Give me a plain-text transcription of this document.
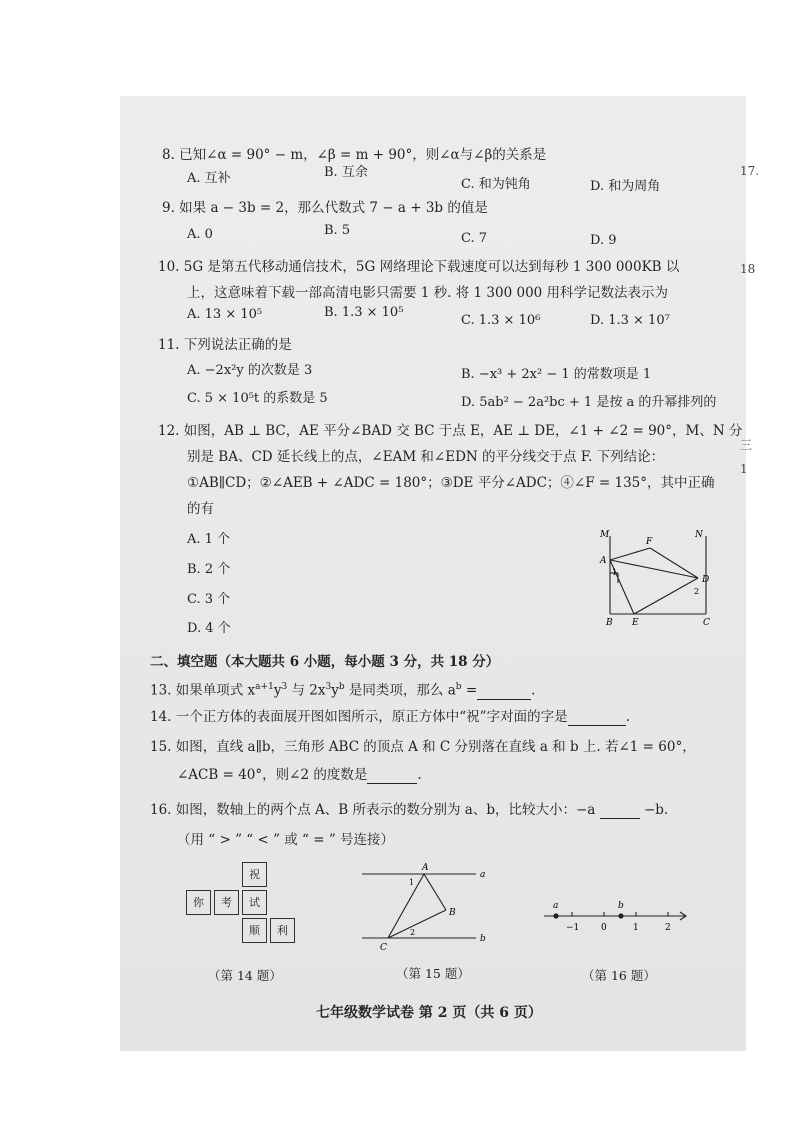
8. 已知∠α = 90° − m，∠β = m + 90°，则∠α与∠β的关系是
A. 互补	B. 互余
C. 和为钝角	D. 和为周角
9. 如果 a − 3b = 2，那么代数式 7 − a + 3b 的值是
A. 0	B. 5
C. 7	D. 9
10. 5G 是第五代移动通信技术，5G 网络理论下载速度可以达到每秒 1 300 000KB 以
上，这意味着下载一部高清电影只需要 1 秒. 将 1 300 000 用科学记数法表示为
A. 13 × 10⁵	B. 1.3 × 10⁵
C. 1.3 × 10⁶	D. 1.3 × 10⁷
11. 下列说法正确的是
A. −2x²y 的次数是 3	B. −x³ + 2x² − 1 的常数项是 1
C. 5 × 10⁵t 的系数是 5	D. 5ab² − 2a²bc + 1 是按 a 的升幂排列的
12. 如图，AB ⊥ BC，AE 平分∠BAD 交 BC 于点 E，AE ⊥ DE，∠1 + ∠2 = 90°，M、N 分
别是 BA、CD 延长线上的点，∠EAM 和∠EDN 的平分线交于点 F. 下列结论：
①AB∥CD；②∠AEB + ∠ADC = 180°；③DE 平分∠ADC；④∠F = 135°，其中正确
的有
A. 1 个
B. 2 个
C. 3 个
D. 4 个
M
F
N
A
1
D
2
B E	C
二、填空题（本大题共 6 小题，每小题 3 分，共 18 分）
13. 如果单项式 $x^{a+1}y^3$ 与 $2x^3y^b$ 是同类项，那么 $a^b$ =	.
14. 一个正方体的表面展开图如图所示，原正方体中“祝”字对面的字是	.
15. 如图，直线 a∥b，三角形 ABC 的顶点 A 和 C 分别落在直线 a 和 b 上. 若∠1 = 60°，
∠ACB = 40°，则∠2 的度数是	.
16. 如图，数轴上的两个点 A、B 所表示的数分别为 a、b，比较大小：−a	−b.
（用 “ > ” “ < ” 或 “ = ” 号连接）
祝
你	考	试
顺	利
A
a
1
B
C
2
b
a	b
−1 0	1	2
（第 14 题）	（第 15 题）	（第 16 题）
七年级数学试卷 第 2 页（共 6 页）
17.
18
三
1
